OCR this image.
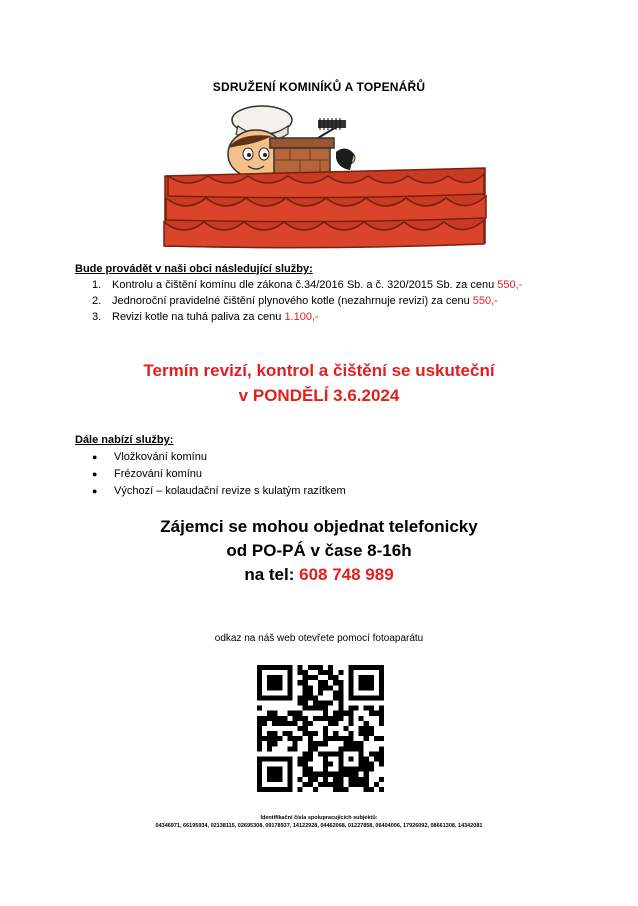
SDRUŽENÍ KOMINÍKŮ A TOPENÁŘŮ
Bude provádět v naši obci následující služby:
1. Kontrolu a čištění komínu dle zákona č.34/2016 Sb. a č. 320/2015 Sb. za cenu 550,-
2. Jednoroční pravidelné čištění plynového kotle (nezahrnuje revizi) za cenu 550,-
3. Revizi kotle na tuhá paliva za cenu 1.100,-
Termín revizí, kontrol a čištění se uskuteční
v PONDĚLÍ 3.6.2024
Dále nabízí služby:
●	Vložkování komínu
●	Frézování komínu
●	Výchozí – kolaudační revize s kulatým razítkem
Zájemci se mohou objednat telefonicky
od PO-PÁ v čase 8-16h
na tel: 608 748 989
odkaz na náš web otevřete pomocí fotoaparátu
Identifikační čísla spolupracujících subjektů:
04346971, 66195934, 02138115, 02695308, 09178937, 14122928, 04462068, 01227858, 06404006, 17926092, 08661308, 14342081
